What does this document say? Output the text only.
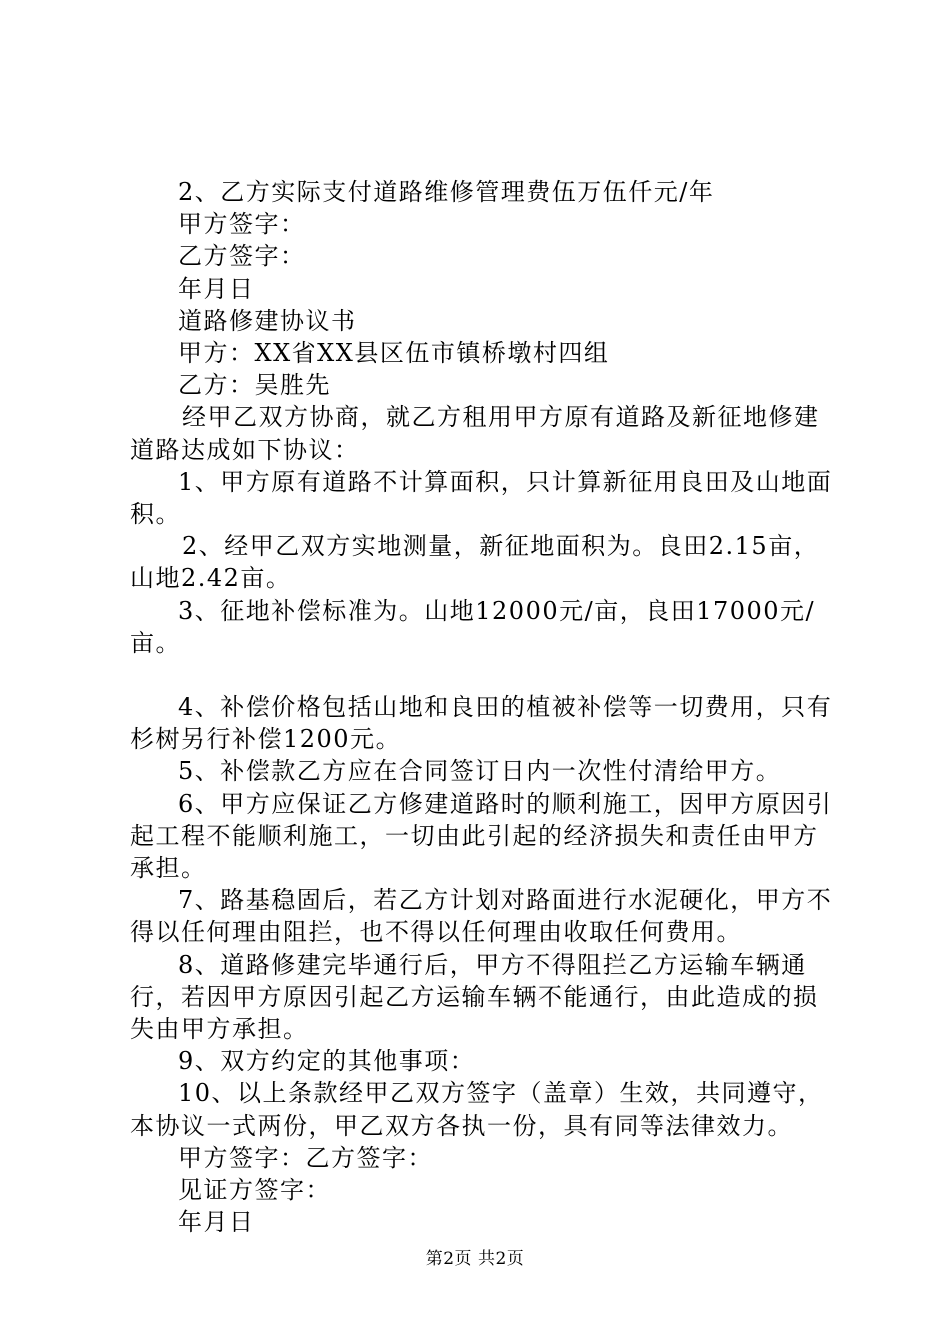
2、乙方实际支付道路维修管理费伍万伍仟元/年
甲方签字：
乙方签字：
年月日
道路修建协议书
甲方：XX省XX县区伍市镇桥墩村四组
乙方：吴胜先
经甲乙双方协商，就乙方租用甲方原有道路及新征地修建道路达成如下协议：
1、甲方原有道路不计算面积，只计算新征用良田及山地面积。
2、经甲乙双方实地测量，新征地面积为。良田2.15亩，山地2.42亩。
3、征地补偿标准为。山地12000元/亩，良田17000元/亩。
4、补偿价格包括山地和良田的植被补偿等一切费用，只有杉树另行补偿1200元。
5、补偿款乙方应在合同签订日内一次性付清给甲方。
6、甲方应保证乙方修建道路时的顺利施工，因甲方原因引起工程不能顺利施工，一切由此引起的经济损失和责任由甲方承担。
7、路基稳固后，若乙方计划对路面进行水泥硬化，甲方不得以任何理由阻拦，也不得以任何理由收取任何费用。
8、道路修建完毕通行后，甲方不得阻拦乙方运输车辆通行，若因甲方原因引起乙方运输车辆不能通行，由此造成的损失由甲方承担。
9、双方约定的其他事项：
10、以上条款经甲乙双方签字（盖章）生效，共同遵守，本协议一式两份，甲乙双方各执一份，具有同等法律效力。
甲方签字：乙方签字：
见证方签字：
年月日
第2页 共2页
